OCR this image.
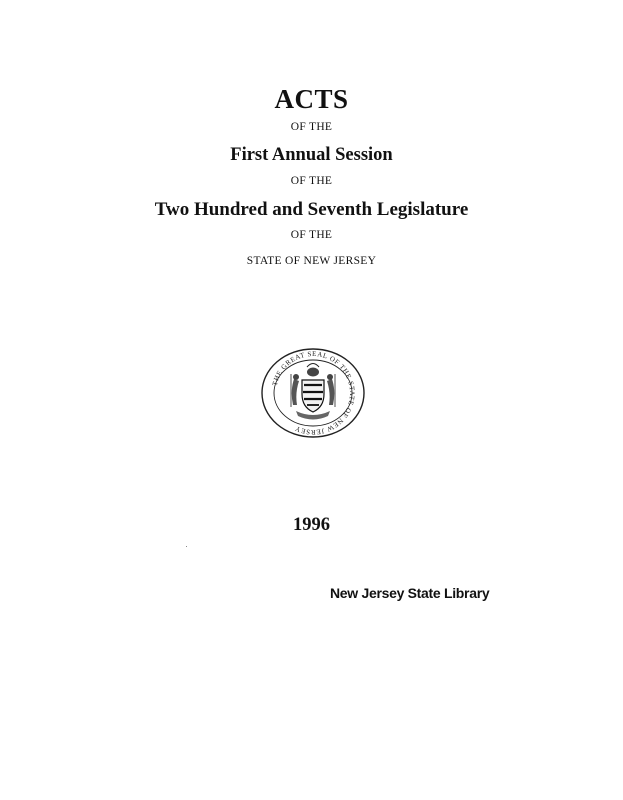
ACTS
OF THE
First Annual Session
OF THE
Two Hundred and Seventh Legislature
OF THE
STATE OF NEW JERSEY
THE GREAT SEAL OF THE STATE OF NEW JERSEY
1996
New Jersey State Library
